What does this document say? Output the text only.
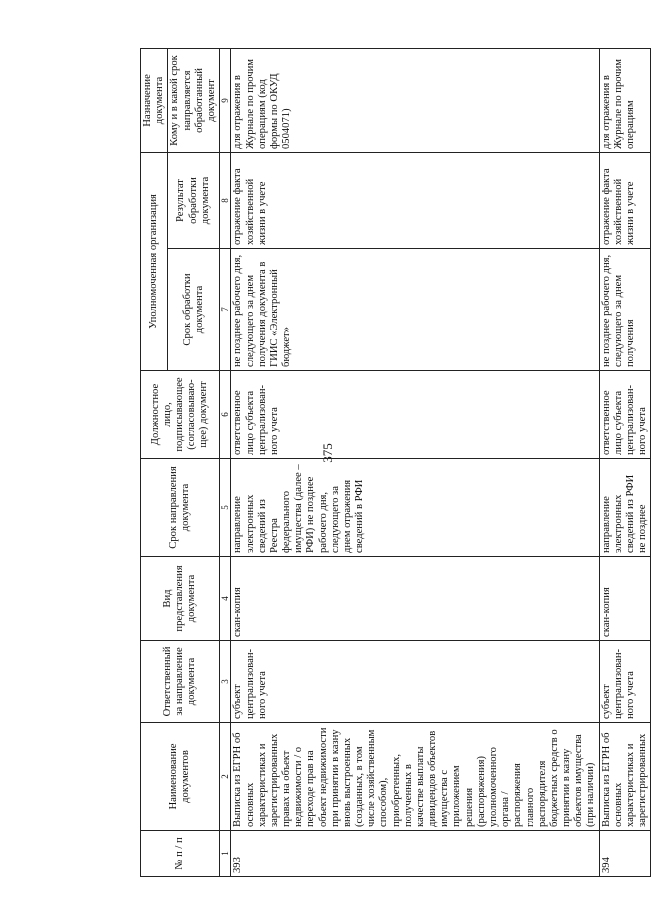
375
№ п / п	Наименование документов	Ответственный за направление документа	Вид представления документа	Срок направления документа	Должностное лицо, подписывающее (согласовываю-щее) документ	Уполномоченная организация		Назначение документа
						Срок обработки документа	Результат обработки документа	Кому и в какой срок направляется обработанный документ
1	2	3	4	5	6	7	8	9
393	Выписка из ЕГРН об основных характеристиках и зарегистрированных правах на объект недвижимости / о переходе прав на объект недвижимости при принятии в казну вновь выстроенных (созданных, в том числе хозяйственным способом), приобретенных, полученных в качестве выплаты дивидендов объектов имущества с приложением решения (распоряжения) уполномоченного органа / распоряжения главного распорядителя бюджетных средств о принятии в казну объектов имущества (при наличии)	субъект централизован-ного учета	скан-копия	направление электронных сведений из Реестра федерального имущества (далее – РФИ) не позднее рабочего дня, следующего за днем отражения сведений в РФИ	ответственное лицо субъекта централизован-ного учета	не позднее рабочего дня, следующего за днем получения документа в ГИИС «Электронный бюджет»	отражение факта хозяйственной жизни в учете	для отражения в Журнале по прочим операциям (код формы по ОКУД 0504071)
394	Выписка из ЕГРН об основных характеристиках и зарегистрированных	субъект централизован-ного учета	скан-копия	направление электронных сведений из РФИ не позднее	ответственное лицо субъекта централизован-ного учета	не позднее рабочего дня, следующего за днем получения	отражение факта хозяйственной жизни в учете	для отражения в Журнале по прочим операциям
